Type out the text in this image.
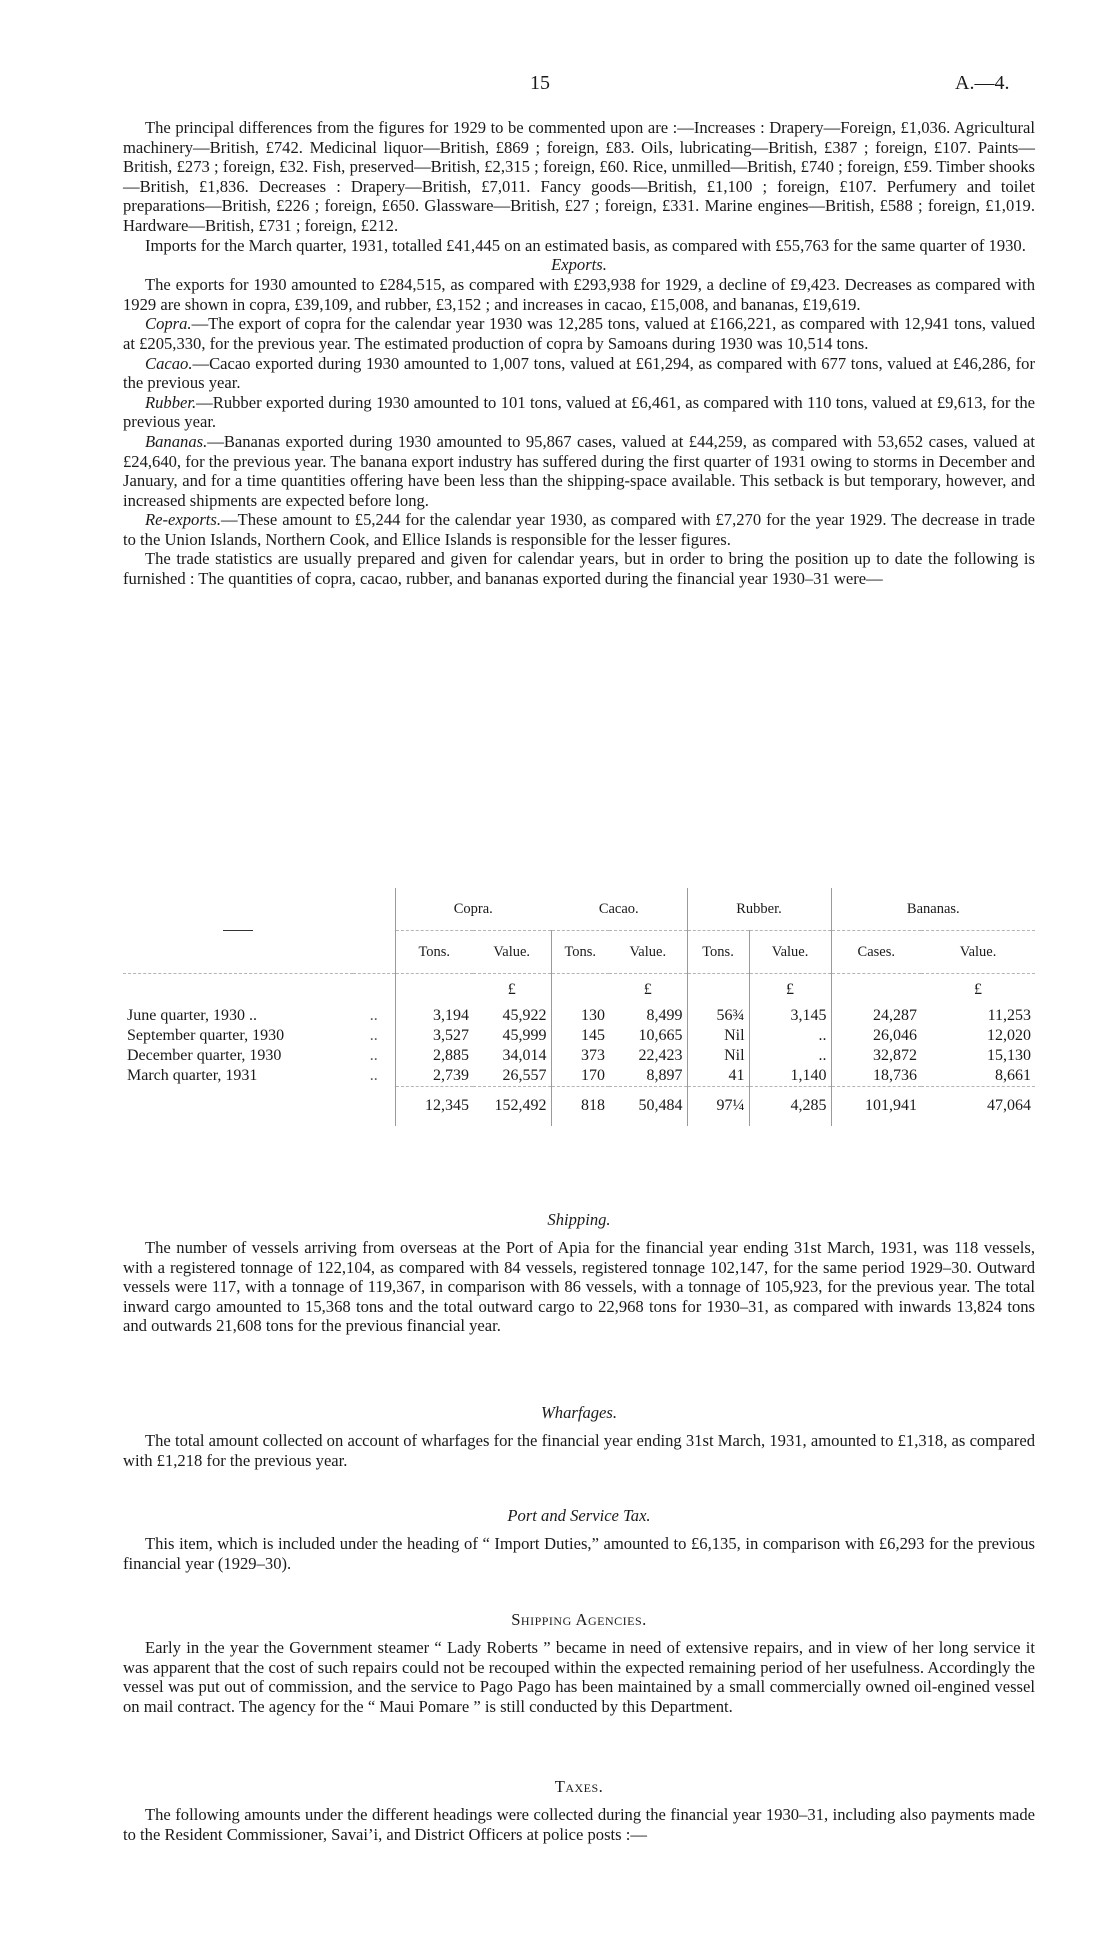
15	A.—4.

The principal differences from the figures for 1929 to be commented upon are :—Increases : Drapery—Foreign, £1,036. Agricultural machinery—British, £742. Medicinal liquor—British, £869 ; foreign, £83. Oils, lubricating—British, £387 ; foreign, £107. Paints—British, £273 ; foreign, £32. Fish, preserved—British, £2,315 ; foreign, £60. Rice, unmilled—British, £740 ; foreign, £59. Timber shooks—British, £1,836. Decreases : Drapery—British, £7,011. Fancy goods—British, £1,100 ; foreign, £107. Perfumery and toilet preparations—British, £226 ; foreign, £650. Glassware—British, £27 ; foreign, £331. Marine engines—British, £588 ; foreign, £1,019. Hardware—British, £731 ; foreign, £212.

Imports for the March quarter, 1931, totalled £41,445 on an estimated basis, as compared with £55,763 for the same quarter of 1930.

Exports.

The exports for 1930 amounted to £284,515, as compared with £293,938 for 1929, a decline of £9,423. Decreases as compared with 1929 are shown in copra, £39,109, and rubber, £3,152 ; and increases in cacao, £15,008, and bananas, £19,619.

Copra.—The export of copra for the calendar year 1930 was 12,285 tons, valued at £166,221, as compared with 12,941 tons, valued at £205,330, for the previous year. The estimated production of copra by Samoans during 1930 was 10,514 tons.

Cacao.—Cacao exported during 1930 amounted to 1,007 tons, valued at £61,294, as compared with 677 tons, valued at £46,286, for the previous year.

Rubber.—Rubber exported during 1930 amounted to 101 tons, valued at £6,461, as compared with 110 tons, valued at £9,613, for the previous year.

Bananas.—Bananas exported during 1930 amounted to 95,867 cases, valued at £44,259, as compared with 53,652 cases, valued at £24,640, for the previous year. The banana export industry has suffered during the first quarter of 1931 owing to storms in December and January, and for a time quantities offering have been less than the shipping-space available. This setback is but temporary, however, and increased shipments are expected before long.

Re-exports.—These amount to £5,244 for the calendar year 1930, as compared with £7,270 for the year 1929. The decrease in trade to the Union Islands, Northern Cook, and Ellice Islands is responsible for the lesser figures.

The trade statistics are usually prepared and given for calendar years, but in order to bring the position up to date the following is furnished : The quantities of copra, cacao, rubber, and bananas exported during the financial year 1930–31 were—

		Copra.		Cacao.		Rubber.		Bananas.	
		Tons.	Value.	Tons.	Value.	Tons.	Value.	Cases.	Value.
			£		£		£		£
June quarter, 1930 ..	..	3,194	45,922	130	8,499	56¾	3,145	24,287	11,253
September quarter, 1930	..	3,527	45,999	145	10,665	Nil	..	26,046	12,020
December quarter, 1930	..	2,885	34,014	373	22,423	Nil	..	32,872	15,130
March quarter, 1931	..	2,739	26,557	170	8,897	41	1,140	18,736	8,661
		12,345	152,492	818	50,484	97¼	4,285	101,941	47,064

Shipping.

The number of vessels arriving from overseas at the Port of Apia for the financial year ending 31st March, 1931, was 118 vessels, with a registered tonnage of 122,104, as compared with 84 vessels, registered tonnage 102,147, for the same period 1929–30. Outward vessels were 117, with a tonnage of 119,367, in comparison with 86 vessels, with a tonnage of 105,923, for the previous year. The total inward cargo amounted to 15,368 tons and the total outward cargo to 22,968 tons for 1930–31, as compared with inwards 13,824 tons and outwards 21,608 tons for the previous financial year.

Wharfages.

The total amount collected on account of wharfages for the financial year ending 31st March, 1931, amounted to £1,318, as compared with £1,218 for the previous year.

Port and Service Tax.

This item, which is included under the heading of “ Import Duties,” amounted to £6,135, in comparison with £6,293 for the previous financial year (1929–30).

Shipping Agencies.

Early in the year the Government steamer “ Lady Roberts ” became in need of extensive repairs, and in view of her long service it was apparent that the cost of such repairs could not be recouped within the expected remaining period of her usefulness. Accordingly the vessel was put out of commission, and the service to Pago Pago has been maintained by a small commercially owned oil-engined vessel on mail contract. The agency for the “ Maui Pomare ” is still conducted by this Department.

Taxes.

The following amounts under the different headings were collected during the financial year 1930–31, including also payments made to the Resident Commissioner, Savai’i, and District Officers at police posts :—
